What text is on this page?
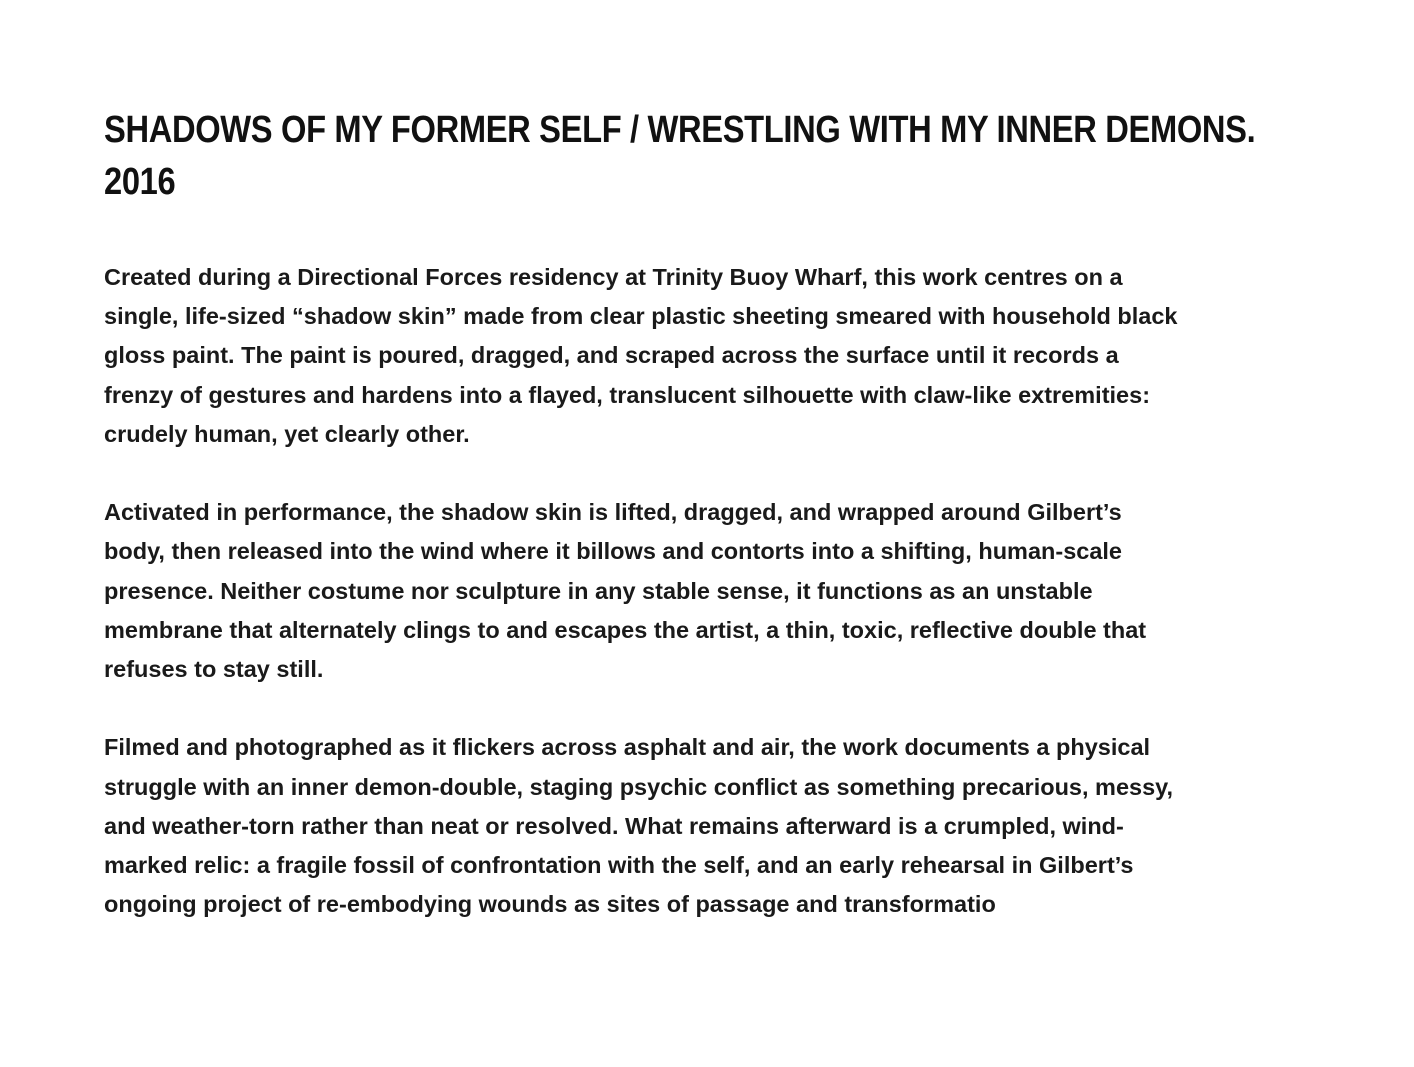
SHADOWS OF MY FORMER SELF / WRESTLING WITH MY INNER DEMONS.
2016

Created during a Directional Forces residency at Trinity Buoy Wharf, this work centres on a
single, life-sized “shadow skin” made from clear plastic sheeting smeared with household black
gloss paint. The paint is poured, dragged, and scraped across the surface until it records a
frenzy of gestures and hardens into a flayed, translucent silhouette with claw-like extremities:
crudely human, yet clearly other.

Activated in performance, the shadow skin is lifted, dragged, and wrapped around Gilbert’s
body, then released into the wind where it billows and contorts into a shifting, human-scale
presence. Neither costume nor sculpture in any stable sense, it functions as an unstable
membrane that alternately clings to and escapes the artist, a thin, toxic, reflective double that
refuses to stay still.

Filmed and photographed as it flickers across asphalt and air, the work documents a physical
struggle with an inner demon-double, staging psychic conflict as something precarious, messy,
and weather-torn rather than neat or resolved. What remains afterward is a crumpled, wind-
marked relic: a fragile fossil of confrontation with the self, and an early rehearsal in Gilbert’s
ongoing project of re-embodying wounds as sites of passage and transformatio
